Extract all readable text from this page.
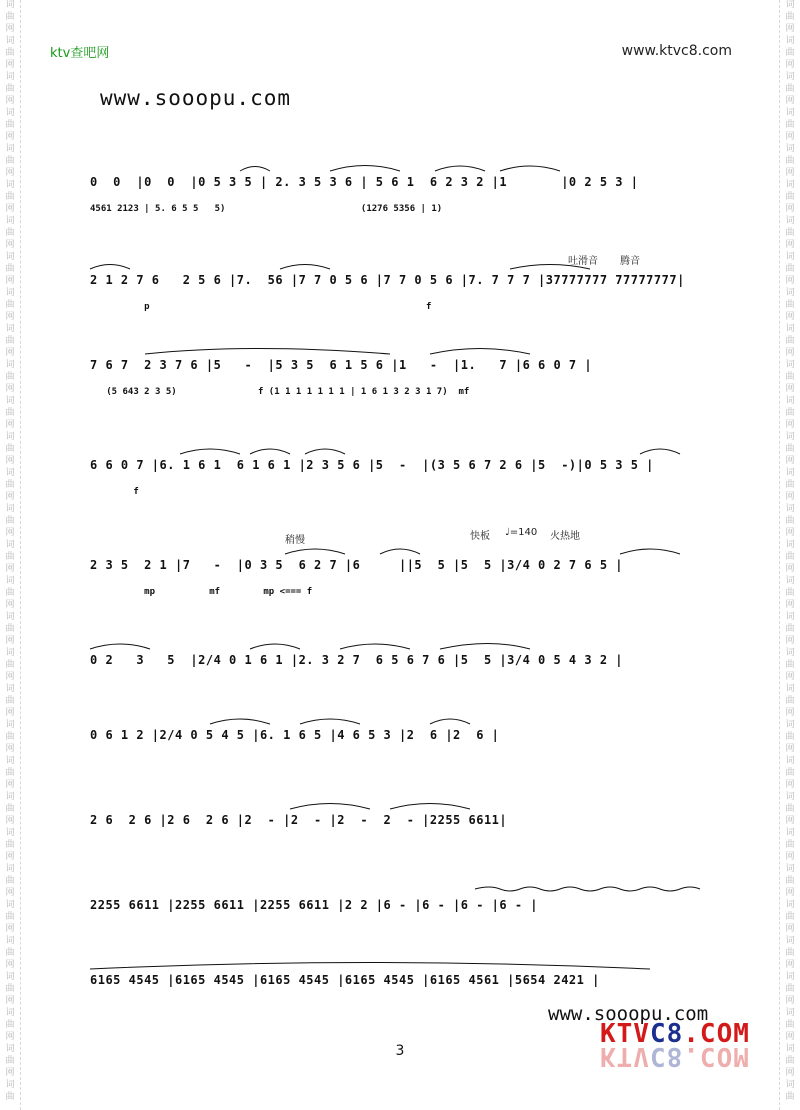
词
曲
网
词
曲
网
词
曲
网
词
曲
网
词
曲
网
词
曲
网
词
曲
网
词
曲
网
词
曲
网
词
曲
网
词
曲
网
词
曲
网
词
曲
网
词
曲
网
词
曲
网
词
曲
网
词
曲
网
词
曲
网
词
曲
网
词
曲
网
词
曲
网
词
曲
网
词
曲
网
词
曲
网
词
曲
网
词
曲
网
词
曲
网
词
曲
网
词
曲
网
词
曲
网
词
曲
词
曲
网
词
曲
网
词
曲
网
词
曲
网
词
曲
网
词
曲
网
词
曲
网
词
曲
网
词
曲
网
词
曲
网
词
曲
网
词
曲
网
词
曲
网
词
曲
网
词
曲
网
词
曲
网
词
曲
网
词
曲
网
词
曲
网
词
曲
网
词
曲
网
词
曲
网
词
曲
网
词
曲
网
词
曲
网
词
曲
网
词
曲
网
词
曲
网
词
曲
网
词
曲
网
词
曲
ktv查吧网	www.ktvc8.com
www.sooopu.com
0  0  |0  0  |0 5 3 5 | 2. 3 5 3 6 | 5 6 1  6 2 3 2 |1       |0 2 5 3 |
4561 2123 | 5. 6 5 5   5)                         (1276 5356 | 1)
2 1 2 7 6   2 5 6 |7.  56 |7 7 0 5 6 |7 7 0 5 6 |7. 7 7 7 |37777777 77777777|
p                                                   f
7 6 7  2 3 7 6 |5   -  |5 3 5  6 1 5 6 |1   -  |1.   7 |6 6 0 7 |
(5 643 2 3 5)               f (1 1 1 1 1 1 1 | 1 6 1 3 2 3 1 7)  mf
6 6 0 7 |6. 1 6 1  6 1 6 1 |2 3 5 6 |5  -  |(3 5 6 7 2 6 |5  -)|0 5 3 5 |
f
2 3 5  2 1 |7   -  |0 3 5  6 2 7 |6     ||5  5 |5  5 |3/4 0 2 7 6 5 |
mp          mf        mp <=== f
0 2   3   5  |2/4 0 1 6 1 |2. 3 2 7  6 5 6 7 6 |5  5 |3/4 0 5 4 3 2 |
0 6 1 2 |2/4 0 5 4 5 |6. 1 6 5 |4 6 5 3 |2  6 |2  6 |
2 6  2 6 |2 6  2 6 |2  - |2  - |2  -  2  - |2255 6611|
2255 6611 |2255 6611 |2255 6611 |2 2 |6 - |6 - |6 - |6 - |
6165 4545 |6165 4545 |6165 4545 |6165 4545 |6165 4561 |5654 2421 |
吐滑音 腾音
稍慢	快板 ♩=140 火热地
www.sooopu.com
KTVC8.COM
KTVC8.COM
3
